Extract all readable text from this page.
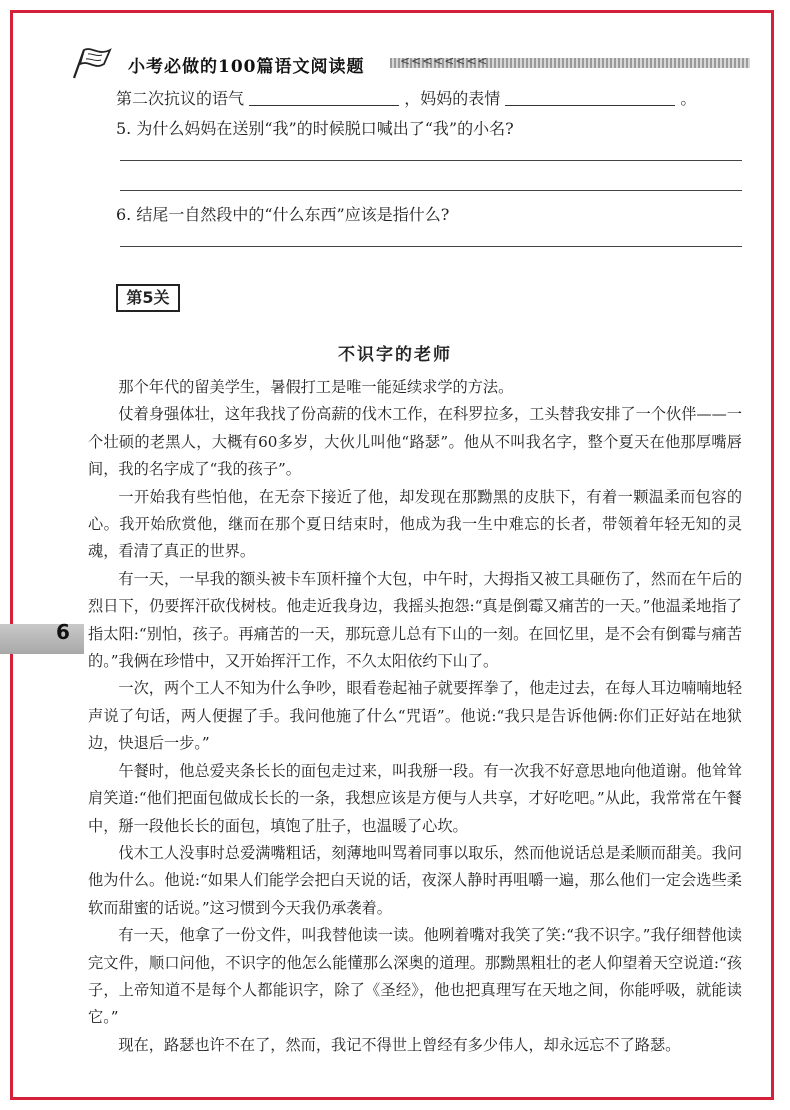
小考必做的100篇语文阅读题	<<<<<<<<
第二次抗议的语气	，妈妈的表情	。
5. 为什么妈妈在送别“我”的时候脱口喊出了“我”的小名?
6. 结尾一自然段中的“什么东西”应该是指什么?
第5关
不识字的老师

那个年代的留美学生，暑假打工是唯一能延续求学的方法。

仗着身强体壮，这年我找了份高薪的伐木工作，在科罗拉多，工头替我安排了一个伙伴——一个壮硕的老黑人，大概有60多岁，大伙儿叫他“路瑟”。他从不叫我名字，整个夏天在他那厚嘴唇间，我的名字成了“我的孩子”。

一开始我有些怕他，在无奈下接近了他，却发现在那黝黑的皮肤下，有着一颗温柔而包容的心。我开始欣赏他，继而在那个夏日结束时，他成为我一生中难忘的长者，带领着年轻无知的灵魂，看清了真正的世界。

有一天，一早我的额头被卡车顶杆撞个大包，中午时，大拇指又被工具砸伤了，然而在午后的烈日下，仍要挥汗砍伐树枝。他走近我身边，我摇头抱怨:“真是倒霉又痛苦的一天。”他温柔地指了指太阳:“别怕，孩子。再痛苦的一天，那玩意儿总有下山的一刻。在回忆里，是不会有倒霉与痛苦的。”我俩在珍惜中，又开始挥汗工作，不久太阳依约下山了。

一次，两个工人不知为什么争吵，眼看卷起袖子就要挥拳了，他走过去，在每人耳边喃喃地轻声说了句话，两人便握了手。我问他施了什么“咒语”。他说:“我只是告诉他俩:你们正好站在地狱边，快退后一步。”

午餐时，他总爱夹条长长的面包走过来，叫我掰一段。有一次我不好意思地向他道谢。他耸耸肩笑道:“他们把面包做成长长的一条，我想应该是方便与人共享，才好吃吧。”从此，我常常在午餐中，掰一段他长长的面包，填饱了肚子，也温暖了心坎。

伐木工人没事时总爱满嘴粗话，刻薄地叫骂着同事以取乐，然而他说话总是柔顺而甜美。我问他为什么。他说:“如果人们能学会把白天说的话，夜深人静时再咀嚼一遍，那么他们一定会选些柔软而甜蜜的话说。”这习惯到今天我仍承袭着。

有一天，他拿了一份文件，叫我替他读一读。他咧着嘴对我笑了笑:“我不识字。”我仔细替他读完文件，顺口问他，不识字的他怎么能懂那么深奥的道理。那黝黑粗壮的老人仰望着天空说道:“孩子，上帝知道不是每个人都能识字，除了《圣经》，他也把真理写在天地之间，你能呼吸，就能读它。”

现在，路瑟也许不在了，然而，我记不得世上曾经有多少伟人，却永远忘不了路瑟。

6
